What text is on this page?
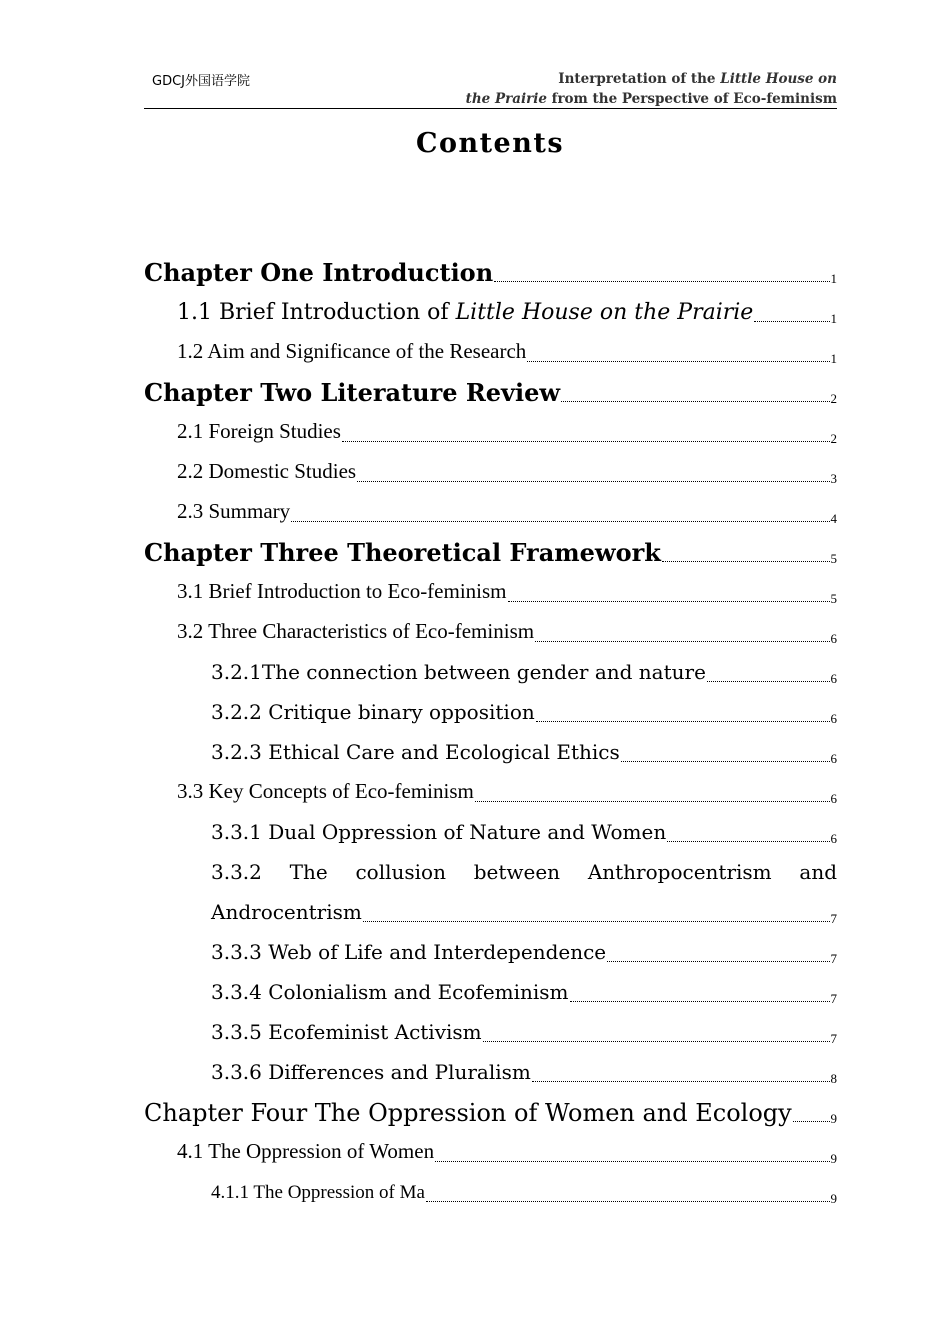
GDCJ外国语学院	Interpretation of the Little House on
the Prairie from the Perspective of Eco-feminism
Contents
Chapter One Introduction	1
1.1 Brief Introduction of Little House on the Prairie	1
1.2 Aim and Significance of the Research	1
Chapter Two Literature Review	2
2.1 Foreign Studies	2
2.2 Domestic Studies	3
2.3 Summary	4
Chapter Three Theoretical Framework	5
3.1 Brief Introduction to Eco-feminism	5
3.2 Three Characteristics of Eco-feminism	6
3.2.1The connection between gender and nature	6
3.2.2 Critique binary opposition	6
3.2.3 Ethical Care and Ecological Ethics	6
3.3 Key Concepts of Eco-feminism	6
3.3.1 Dual Oppression of Nature and Women	6
3.3.2 The collusion between Anthropocentrism and
Androcentrism	7
3.3.3 Web of Life and Interdependence	7
3.3.4 Colonialism and Ecofeminism	7
3.3.5 Ecofeminist Activism	7
3.3.6 Differences and Pluralism	8
Chapter Four The Oppression of Women and Ecology	9
4.1 The Oppression of Women	9
4.1.1 The Oppression of Ma	9
